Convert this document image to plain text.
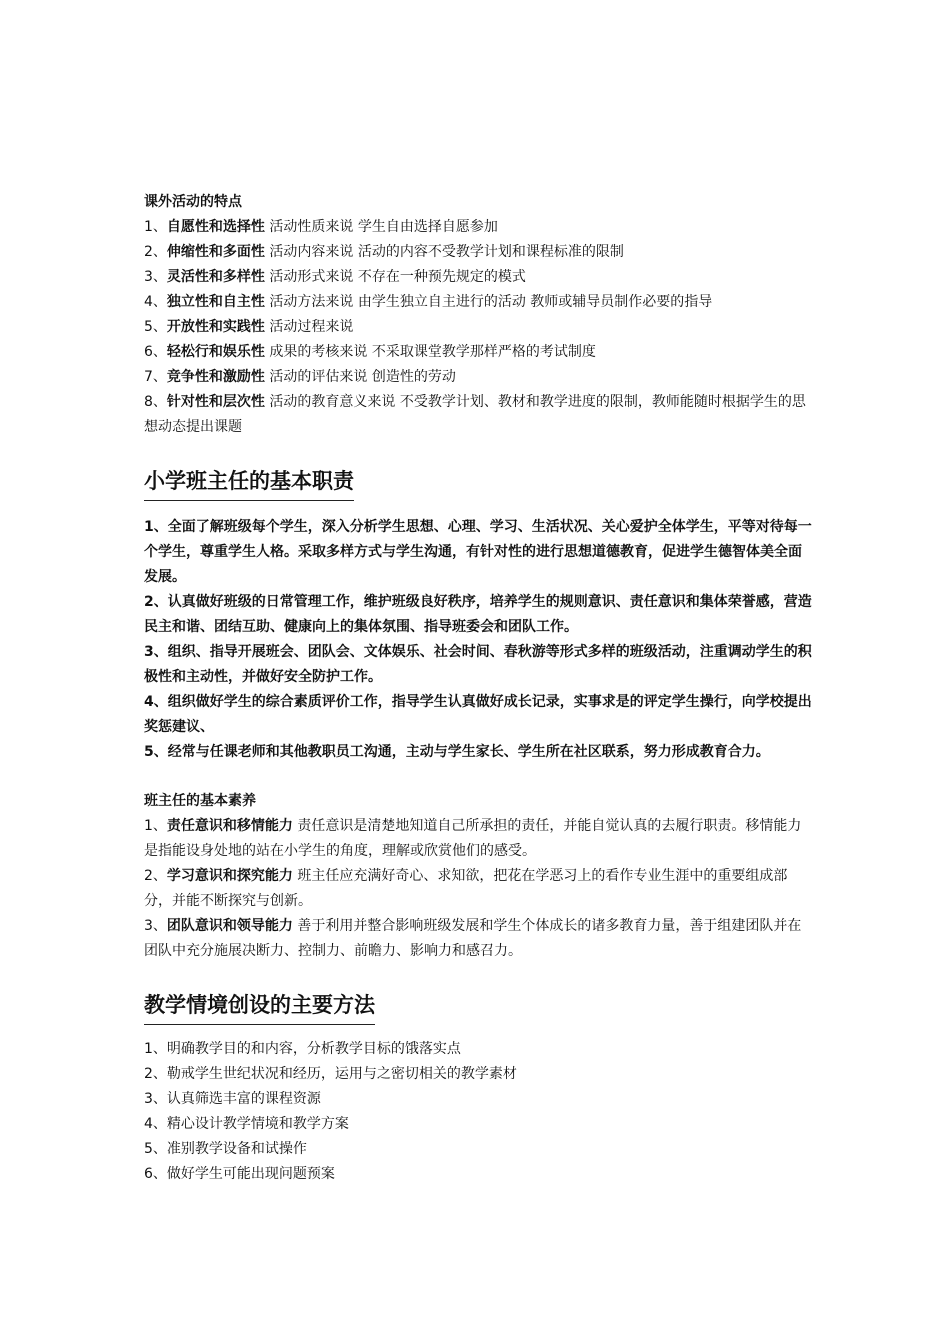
课外活动的特点

1、自愿性和选择性 活动性质来说 学生自由选择自愿参加

2、伸缩性和多面性 活动内容来说 活动的内容不受教学计划和课程标准的限制

3、灵活性和多样性 活动形式来说 不存在一种预先规定的模式

4、独立性和自主性 活动方法来说 由学生独立自主进行的活动 教师或辅导员制作必要的指导

5、开放性和实践性 活动过程来说

6、轻松行和娱乐性 成果的考核来说 不采取课堂教学那样严格的考试制度

7、竞争性和激励性 活动的评估来说 创造性的劳动

8、针对性和层次性 活动的教育意义来说 不受教学计划、教材和教学进度的限制，教师能随时根据学生的思想动态提出课题

小学班主任的基本职责

1、全面了解班级每个学生，深入分析学生思想、心理、学习、生活状况、关心爱护全体学生，平等对待每一个学生，尊重学生人格。采取多样方式与学生沟通，有针对性的进行思想道德教育，促进学生德智体美全面发展。

2、认真做好班级的日常管理工作，维护班级良好秩序，培养学生的规则意识、责任意识和集体荣誉感，营造民主和谐、团结互助、健康向上的集体氛围、指导班委会和团队工作。

3、组织、指导开展班会、团队会、文体娱乐、社会时间、春秋游等形式多样的班级活动，注重调动学生的积极性和主动性，并做好安全防护工作。

4、组织做好学生的综合素质评价工作，指导学生认真做好成长记录，实事求是的评定学生操行，向学校提出奖惩建议、

5、经常与任课老师和其他教职员工沟通，主动与学生家长、学生所在社区联系，努力形成教育合力。

班主任的基本素养

1、责任意识和移情能力 责任意识是清楚地知道自己所承担的责任，并能自觉认真的去履行职责。移情能力是指能设身处地的站在小学生的角度，理解或欣赏他们的感受。

2、学习意识和探究能力 班主任应充满好奇心、求知欲，把花在学恶习上的看作专业生涯中的重要组成部分，并能不断探究与创新。

3、团队意识和领导能力 善于利用并整合影响班级发展和学生个体成长的诸多教育力量，善于组建团队并在团队中充分施展决断力、控制力、前瞻力、影响力和感召力。

教学情境创设的主要方法

1、明确教学目的和内容，分析教学目标的饿落实点

2、勒戒学生世纪状况和经历，运用与之密切相关的教学素材

3、认真筛选丰富的课程资源

4、精心设计教学情境和教学方案

5、准别教学设备和试操作

6、做好学生可能出现问题预案
